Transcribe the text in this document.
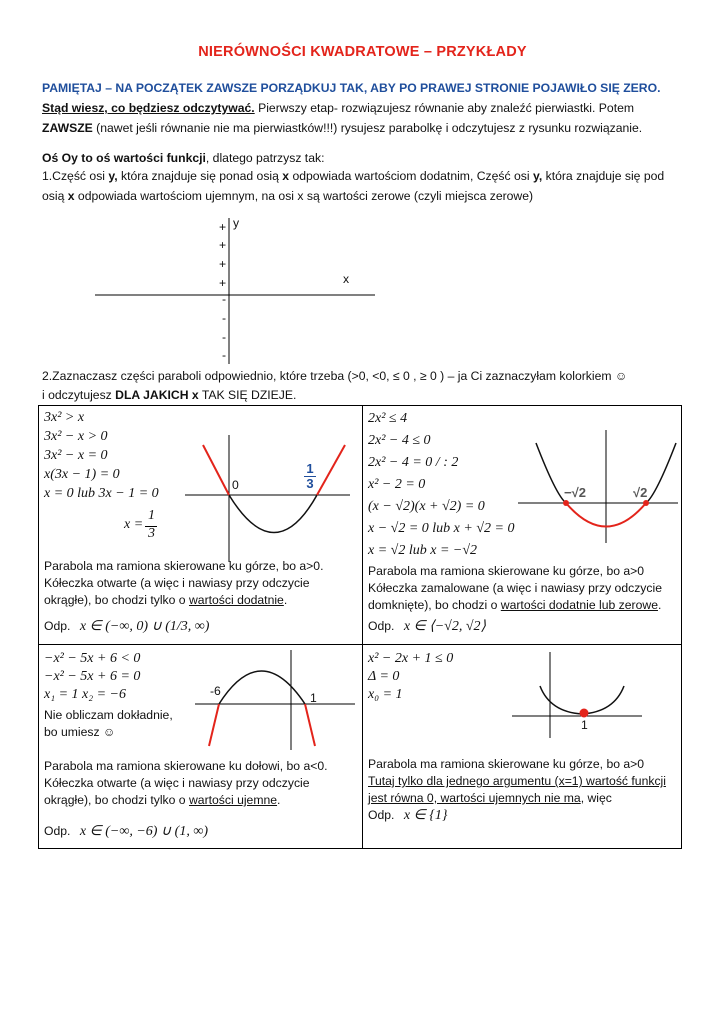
NIERÓWNOŚCI KWADRATOWE – PRZYKŁADY
PAMIĘTAJ – NA POCZĄTEK ZAWSZE PORZĄDKUJ TAK, ABY PO PRAWEJ STRONIE POJAWIŁO SIĘ ZERO. Stąd wiesz, co będziesz odczytywać. Pierwszy etap- rozwiązujesz równanie aby znaleźć pierwiastki. Potem ZAWSZE (nawet jeśli równanie nie ma pierwiastków!!!) rysujesz parabolkę i odczytujesz z rysunku rozwiązanie.
Oś Oy to oś wartości funkcji, dlatego patrzysz tak:
1.Część osi y, która znajduje się ponad osią x odpowiada wartościom dodatnim, Część osi y, która znajduje się pod osią x odpowiada wartościom ujemnym, na osi x są wartości zerowe (czyli miejsca zerowe)
y
x
+
+
+
+
-
-
-
-
2.Zaznaczasz części paraboli odpowiednio, które trzeba (>0, <0, ≤ 0 , ≥ 0 ) – ja Ci zaznaczyłam kolorkiem ☺
i odczytujesz DLA JAKICH x TAK SIĘ DZIEJE.
3x² > x
3x² − x > 0
3x² − x = 0
x(3x − 1) = 0
x = 0 lub 3x − 1 = 0
x =
1
3
0	$\frac{1}{3}$
Parabola ma ramiona skierowane ku górze, bo a>0.
Kółeczka otwarte (a więc i nawiasy przy odczycie
okrągłe), bo chodzi tylko o wartości dodatnie.
Odp. x ∈ (−∞, 0) ∪ (1/3, ∞)
2x² ≤ 4
2x² − 4 ≤ 0
2x² − 4 = 0 / : 2
x² − 2 = 0
(x − √2)(x + √2) = 0
x − √2 = 0 lub x + √2 = 0
x = √2 lub x = −√2
−√2	√2
Parabola ma ramiona skierowane ku górze, bo a>0
Kółeczka zamalowane (a więc i nawiasy przy odczycie
domknięte), bo chodzi o wartości dodatnie lub zerowe.
Odp. x ∈ ⟨−√2, √2⟩
−x² − 5x + 6 < 0
−x² − 5x + 6 = 0
x₁ = 1 x₂ = −6
Nie obliczam dokładnie,
bo umiesz ☺
-6	1
Parabola ma ramiona skierowane ku dołowi, bo a<0.
Kółeczka otwarte (a więc i nawiasy przy odczycie
okrągłe), bo chodzi tylko o wartości ujemne.
Odp. x ∈ (−∞, −6) ∪ (1, ∞)
x² − 2x + 1 ≤ 0
Δ = 0
x₀ = 1
1
Parabola ma ramiona skierowane ku górze, bo a>0
Tutaj tylko dla jednego argumentu (x=1) wartość funkcji
jest równa 0, wartości ujemnych nie ma, więc
Odp. x ∈ {1}
